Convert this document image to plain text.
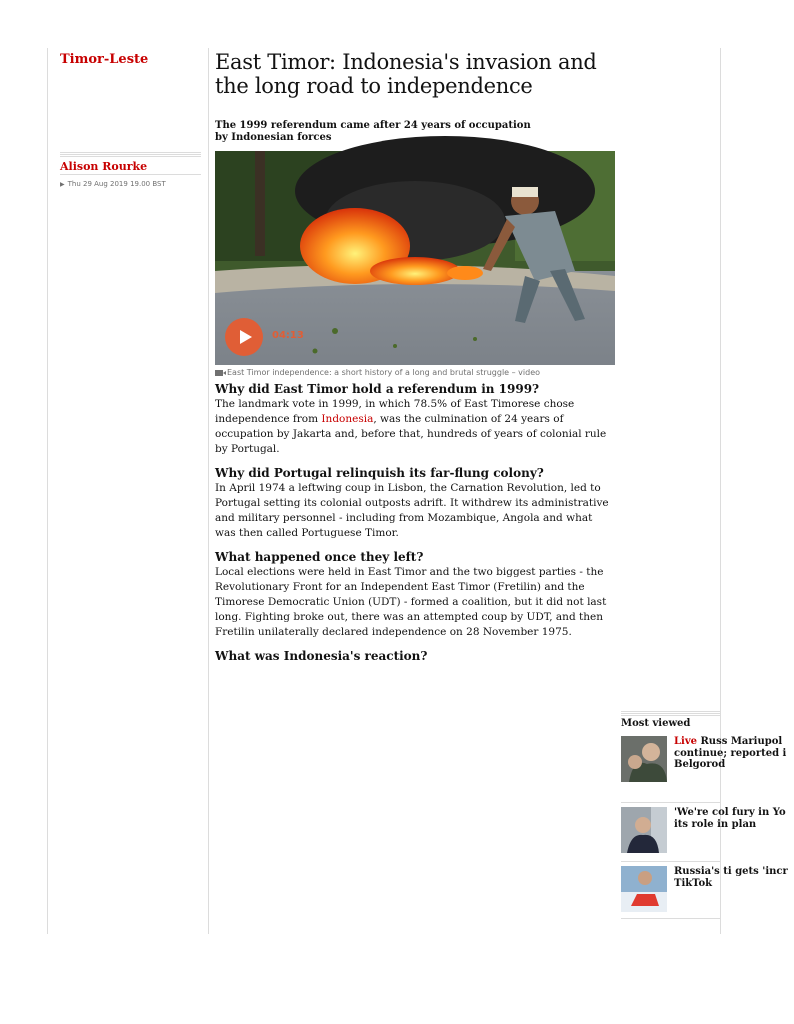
Timor-Leste
Alison Rourke
▶ Thu 29 Aug 2019 19.00 BST
East Timor: Indonesia's invasion and the long road to independence

The 1999 referendum came after 24 years of occupation by Indonesian forces

04:13
East Timor independence: a short history of a long and brutal struggle – video
Why did East Timor hold a referendum in 1999?

The landmark vote in 1999, in which 78.5% of East Timorese chose independence from Indonesia, was the culmination of 24 years of occupation by Jakarta and, before that, hundreds of years of colonial rule by Portugal.

Why did Portugal relinquish its far-flung colony?

In April 1974 a leftwing coup in Lisbon, the Carnation Revolution, led to Portugal setting its colonial outposts adrift. It withdrew its administrative and military personnel - including from Mozambique, Angola and what was then called Portuguese Timor.

What happened once they left?

Local elections were held in East Timor and the two biggest parties - the Revolutionary Front for an Independent East Timor (Fretilin) and the Timorese Democratic Union (UDT) - formed a coalition, but it did not last long. Fighting broke out, there was an attempted coup by UDT, and then Fretilin unilaterally declared independence on 28 November 1975.

What was Indonesia's reaction?
Most viewed
Live Russ Mariupol continue; reported i Belgorod
'We're col fury in Yo its role in plan
Russia's ti gets 'incr TikTok
